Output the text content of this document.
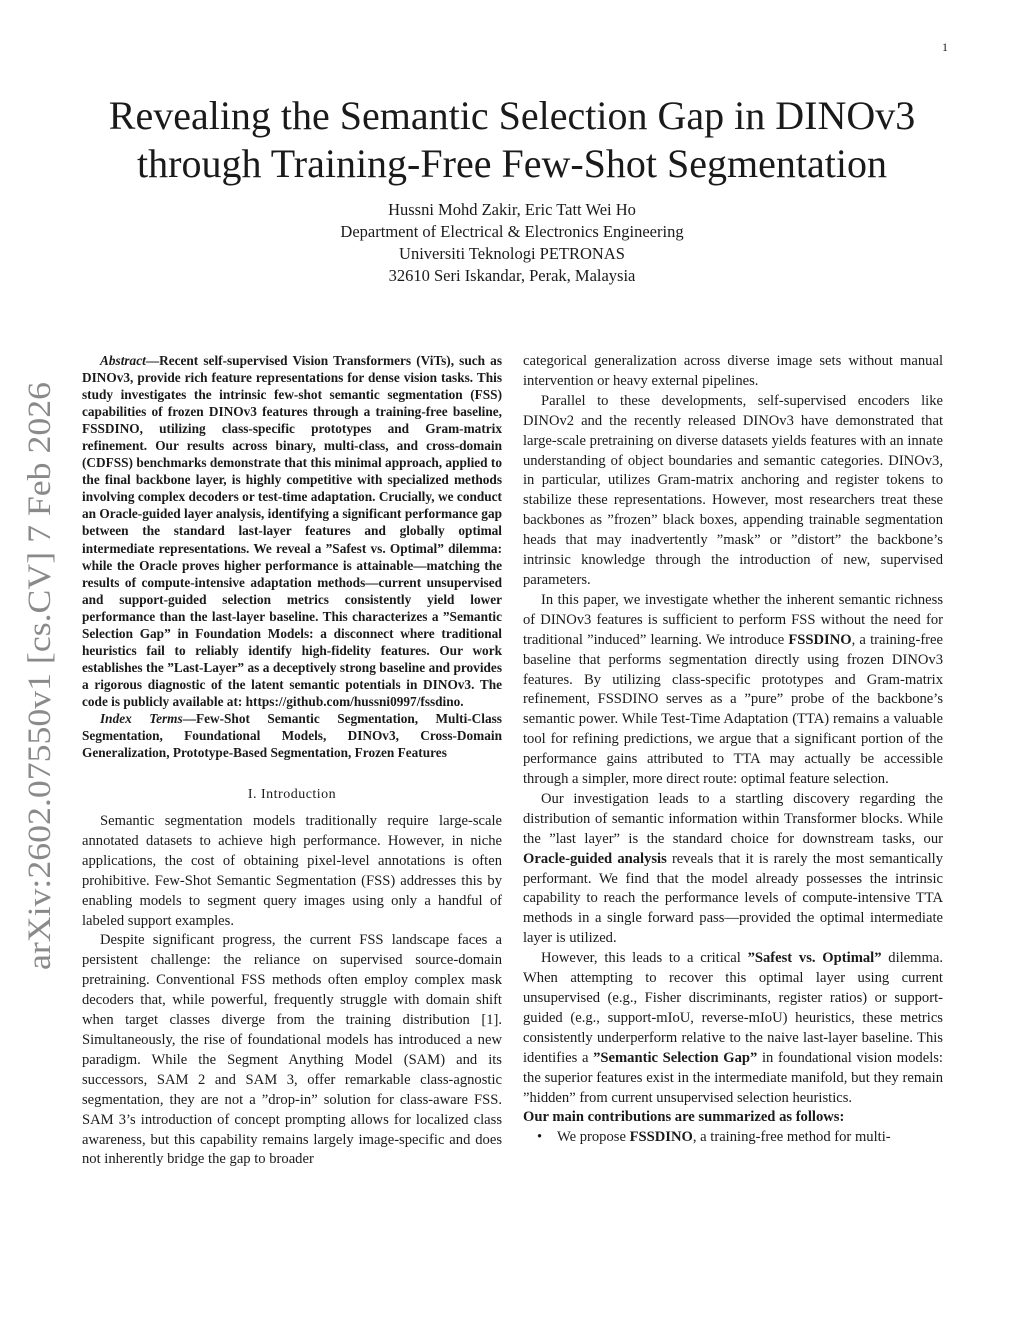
1
arXiv:2602.07550v1 [cs.CV] 7 Feb 2026
Revealing the Semantic Selection Gap in DINOv3
through Training-Free Few-Shot Segmentation
Hussni Mohd Zakir, Eric Tatt Wei Ho
Department of Electrical & Electronics Engineering
Universiti Teknologi PETRONAS
32610 Seri Iskandar, Perak, Malaysia

Abstract—Recent self-supervised Vision Transformers (ViTs), such as DINOv3, provide rich feature representations for dense vision tasks. This study investigates the intrinsic few-shot semantic segmentation (FSS) capabilities of frozen DINOv3 features through a training-free baseline, FSSDINO, utilizing class-specific prototypes and Gram-matrix refinement. Our results across binary, multi-class, and cross-domain (CDFSS) benchmarks demonstrate that this minimal approach, applied to the final backbone layer, is highly competitive with specialized methods involving complex decoders or test-time adaptation. Crucially, we conduct an Oracle-guided layer analysis, identifying a significant performance gap between the standard last-layer features and globally optimal intermediate representations. We reveal a ”Safest vs. Optimal” dilemma: while the Oracle proves higher performance is attainable—matching the results of compute-intensive adaptation methods—current unsupervised and support-guided selection metrics consistently yield lower performance than the last-layer baseline. This characterizes a ”Semantic Selection Gap” in Foundation Models: a disconnect where traditional heuristics fail to reliably identify high-fidelity features. Our work establishes the ”Last-Layer” as a deceptively strong baseline and provides a rigorous diagnostic of the latent semantic potentials in DINOv3. The code is publicly available at: https://github.com/hussni0997/fssdino.

Index Terms—Few-Shot Semantic Segmentation, Multi-Class Segmentation, Foundational Models, DINOv3, Cross-Domain Generalization, Prototype-Based Segmentation, Frozen Features

I. Introduction

Semantic segmentation models traditionally require large-scale annotated datasets to achieve high performance. However, in niche applications, the cost of obtaining pixel-level annotations is often prohibitive. Few-Shot Semantic Segmentation (FSS) addresses this by enabling models to segment query images using only a handful of labeled support examples.

Despite significant progress, the current FSS landscape faces a persistent challenge: the reliance on supervised source-domain pretraining. Conventional FSS methods often employ complex mask decoders that, while powerful, frequently struggle with domain shift when target classes diverge from the training distribution [1]. Simultaneously, the rise of foundational models has introduced a new paradigm. While the Segment Anything Model (SAM) and its successors, SAM 2 and SAM 3, offer remarkable class-agnostic segmentation, they are not a ”drop-in” solution for class-aware FSS. SAM 3’s introduction of concept prompting allows for localized class awareness, but this capability remains largely image-specific and does not inherently bridge the gap to broader

categorical generalization across diverse image sets without manual intervention or heavy external pipelines.

Parallel to these developments, self-supervised encoders like DINOv2 and the recently released DINOv3 have demonstrated that large-scale pretraining on diverse datasets yields features with an innate understanding of object boundaries and semantic categories. DINOv3, in particular, utilizes Gram-matrix anchoring and register tokens to stabilize these representations. However, most researchers treat these backbones as ”frozen” black boxes, appending trainable segmentation heads that may inadvertently ”mask” or ”distort” the backbone’s intrinsic knowledge through the introduction of new, supervised parameters.

In this paper, we investigate whether the inherent semantic richness of DINOv3 features is sufficient to perform FSS without the need for traditional ”induced” learning. We introduce FSSDINO, a training-free baseline that performs segmentation directly using frozen DINOv3 features. By utilizing class-specific prototypes and Gram-matrix refinement, FSSDINO serves as a ”pure” probe of the backbone’s semantic power. While Test-Time Adaptation (TTA) remains a valuable tool for refining predictions, we argue that a significant portion of the performance gains attributed to TTA may actually be accessible through a simpler, more direct route: optimal feature selection.

Our investigation leads to a startling discovery regarding the distribution of semantic information within Transformer blocks. While the ”last layer” is the standard choice for downstream tasks, our Oracle-guided analysis reveals that it is rarely the most semantically performant. We find that the model already possesses the intrinsic capability to reach the performance levels of compute-intensive TTA methods in a single forward pass—provided the optimal intermediate layer is utilized.

However, this leads to a critical ”Safest vs. Optimal” dilemma. When attempting to recover this optimal layer using current unsupervised (e.g., Fisher discriminants, register ratios) or support-guided (e.g., support-mIoU, reverse-mIoU) heuristics, these metrics consistently underperform relative to the naive last-layer baseline. This identifies a ”Semantic Selection Gap” in foundational vision models: the superior features exist in the intermediate manifold, but they remain ”hidden” from current unsupervised selection heuristics.

Our main contributions are summarized as follows:

•	We propose FSSDINO, a training-free method for multi-
